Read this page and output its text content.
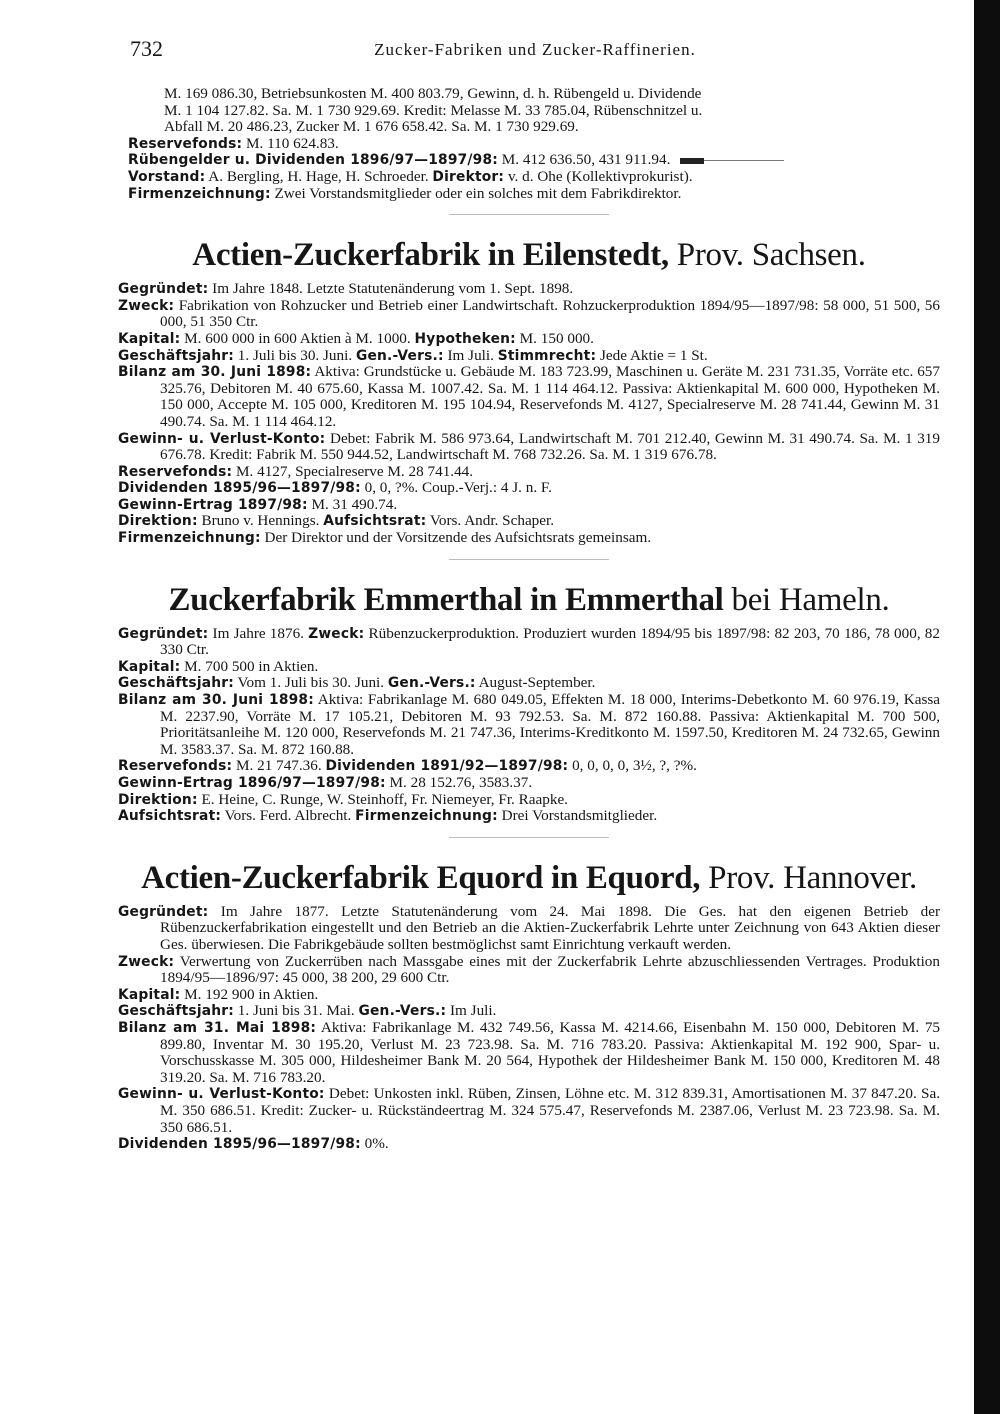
732	Zucker-Fabriken und Zucker-Raffinerien.

M. 169 086.30, Betriebsunkosten M. 400 803.79, Gewinn, d. h. Rübengeld u. Dividende

M. 1 104 127.82. Sa. M. 1 730 929.69. Kredit: Melasse M. 33 785.04, Rübenschnitzel u.

Abfall M. 20 486.23, Zucker M. 1 676 658.42. Sa. M. 1 730 929.69.

Reservefonds: M. 110 624.83.

Rübengelder u. Dividenden 1896/97—1897/98: M. 412 636.50, 431 911.94.

Vorstand: A. Bergling, H. Hage, H. Schroeder. Direktor: v. d. Ohe (Kollektivprokurist).

Firmenzeichnung: Zwei Vorstandsmitglieder oder ein solches mit dem Fabrikdirektor.

Actien-Zuckerfabrik in Eilenstedt, Prov. Sachsen.

Gegründet: Im Jahre 1848. Letzte Statutenänderung vom 1. Sept. 1898.

Zweck: Fabrikation von Rohzucker und Betrieb einer Landwirtschaft. Rohzuckerproduktion 1894/95—1897/98: 58 000, 51 500, 56 000, 51 350 Ctr.

Kapital: M. 600 000 in 600 Aktien à M. 1000. Hypotheken: M. 150 000.

Geschäftsjahr: 1. Juli bis 30. Juni. Gen.-Vers.: Im Juli. Stimmrecht: Jede Aktie = 1 St.

Bilanz am 30. Juni 1898: Aktiva: Grundstücke u. Gebäude M. 183 723.99, Maschinen u. Geräte M. 231 731.35, Vorräte etc. 657 325.76, Debitoren M. 40 675.60, Kassa M. 1007.42. Sa. M. 1 114 464.12. Passiva: Aktienkapital M. 600 000, Hypotheken M. 150 000, Accepte M. 105 000, Kreditoren M. 195 104.94, Reservefonds M. 4127, Specialreserve M. 28 741.44, Gewinn M. 31 490.74. Sa. M. 1 114 464.12.

Gewinn- u. Verlust-Konto: Debet: Fabrik M. 586 973.64, Landwirtschaft M. 701 212.40, Gewinn M. 31 490.74. Sa. M. 1 319 676.78. Kredit: Fabrik M. 550 944.52, Landwirtschaft M. 768 732.26. Sa. M. 1 319 676.78.

Reservefonds: M. 4127, Specialreserve M. 28 741.44.

Dividenden 1895/96—1897/98: 0, 0, ?%. Coup.-Verj.: 4 J. n. F.

Gewinn-Ertrag 1897/98: M. 31 490.74.

Direktion: Bruno v. Hennings. Aufsichtsrat: Vors. Andr. Schaper.

Firmenzeichnung: Der Direktor und der Vorsitzende des Aufsichtsrats gemeinsam.

Zuckerfabrik Emmerthal in Emmerthal bei Hameln.

Gegründet: Im Jahre 1876. Zweck: Rübenzuckerproduktion. Produziert wurden 1894/95 bis 1897/98: 82 203, 70 186, 78 000, 82 330 Ctr.

Kapital: M. 700 500 in Aktien.

Geschäftsjahr: Vom 1. Juli bis 30. Juni. Gen.-Vers.: August-September.

Bilanz am 30. Juni 1898: Aktiva: Fabrikanlage M. 680 049.05, Effekten M. 18 000, Interims-Debetkonto M. 60 976.19, Kassa M. 2237.90, Vorräte M. 17 105.21, Debitoren M. 93 792.53. Sa. M. 872 160.88. Passiva: Aktienkapital M. 700 500, Prioritätsanleihe M. 120 000, Reservefonds M. 21 747.36, Interims-Kreditkonto M. 1597.50, Kreditoren M. 24 732.65, Gewinn M. 3583.37. Sa. M. 872 160.88.

Reservefonds: M. 21 747.36. Dividenden 1891/92—1897/98: 0, 0, 0, 0, 3½, ?, ?%.

Gewinn-Ertrag 1896/97—1897/98: M. 28 152.76, 3583.37.

Direktion: E. Heine, C. Runge, W. Steinhoff, Fr. Niemeyer, Fr. Raapke.

Aufsichtsrat: Vors. Ferd. Albrecht. Firmenzeichnung: Drei Vorstandsmitglieder.

Actien-Zuckerfabrik Equord in Equord, Prov. Hannover.

Gegründet: Im Jahre 1877. Letzte Statutenänderung vom 24. Mai 1898. Die Ges. hat den eigenen Betrieb der Rübenzuckerfabrikation eingestellt und den Betrieb an die Aktien-Zuckerfabrik Lehrte unter Zeichnung von 643 Aktien dieser Ges. überwiesen. Die Fabrikgebäude sollten bestmöglichst samt Einrichtung verkauft werden.

Zweck: Verwertung von Zuckerrüben nach Massgabe eines mit der Zuckerfabrik Lehrte abzuschliessenden Vertrages. Produktion 1894/95—1896/97: 45 000, 38 200, 29 600 Ctr.

Kapital: M. 192 900 in Aktien.

Geschäftsjahr: 1. Juni bis 31. Mai. Gen.-Vers.: Im Juli.

Bilanz am 31. Mai 1898: Aktiva: Fabrikanlage M. 432 749.56, Kassa M. 4214.66, Eisenbahn M. 150 000, Debitoren M. 75 899.80, Inventar M. 30 195.20, Verlust M. 23 723.98. Sa. M. 716 783.20. Passiva: Aktienkapital M. 192 900, Spar- u. Vorschusskasse M. 305 000, Hildesheimer Bank M. 20 564, Hypothek der Hildesheimer Bank M. 150 000, Kreditoren M. 48 319.20. Sa. M. 716 783.20.

Gewinn- u. Verlust-Konto: Debet: Unkosten inkl. Rüben, Zinsen, Löhne etc. M. 312 839.31, Amortisationen M. 37 847.20. Sa. M. 350 686.51. Kredit: Zucker- u. Rückständeertrag M. 324 575.47, Reservefonds M. 2387.06, Verlust M. 23 723.98. Sa. M. 350 686.51.

Dividenden 1895/96—1897/98: 0%.
